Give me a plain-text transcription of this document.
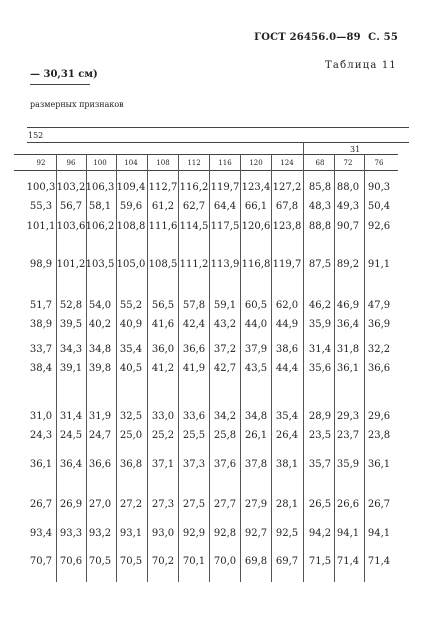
ГОСТ 26456.0—89 С. 55
Таблица 11
— 30,31 см)
размерных признаков
152
31
92	96	100	104	108	112	116	120	124	68	72	76
100,3 103,2 106,3 109,4 112,7 116,2 119,7 123,4 127,2 85,8 88,0 90,3
55,3 56,7 58,1 59,6 61,2 62,7 64,4 66,1 67,8	48,3 49,3 50,4
101,1 103,6 106,2 108,8 111,6 114,5 117,5 120,6 123,8 88,8 90,7 92,6
98,9 101,2 103,5 105,0 108,5 111,2 113,9 116,8 119,7 87,5 89,2 91,1
51,7 52,8 54,0 55,2 56,5 57,8 59,1 60,5 62,0	46,2 46,9 47,9
38,9 39,5 40,2 40,9 41,6 42,4 43,2 44,0 44,9	35,9 36,4 36,9
33,7 34,3 34,8 35,4 36,0 36,6 37,2 37,9 38,6	31,4 31,8 32,2
38,4 39,1 39,8 40,5 41,2 41,9 42,7 43,5 44,4	35,6 36,1 36,6
31,0 31,4 31,9 32,5 33,0 33,6 34,2 34,8 35,4	28,9 29,3 29,6
24,3 24,5 24,7 25,0 25,2 25,5 25,8 26,1 26,4	23,5 23,7 23,8
36,1 36,4 36,6 36,8 37,1 37,3 37,6 37,8 38,1	35,7 35,9 36,1
26,7 26,9 27,0 27,2 27,3 27,5 27,7 27,9 28,1	26,5 26,6 26,7
93,4 93,3 93,2 93,1 93,0 92,9 92,8 92,7 92,5	94,2 94,1 94,1
70,7 70,6 70,5 70,5 70,2 70,1 70,0 69,8 69,7	71,5 71,4 71,4
